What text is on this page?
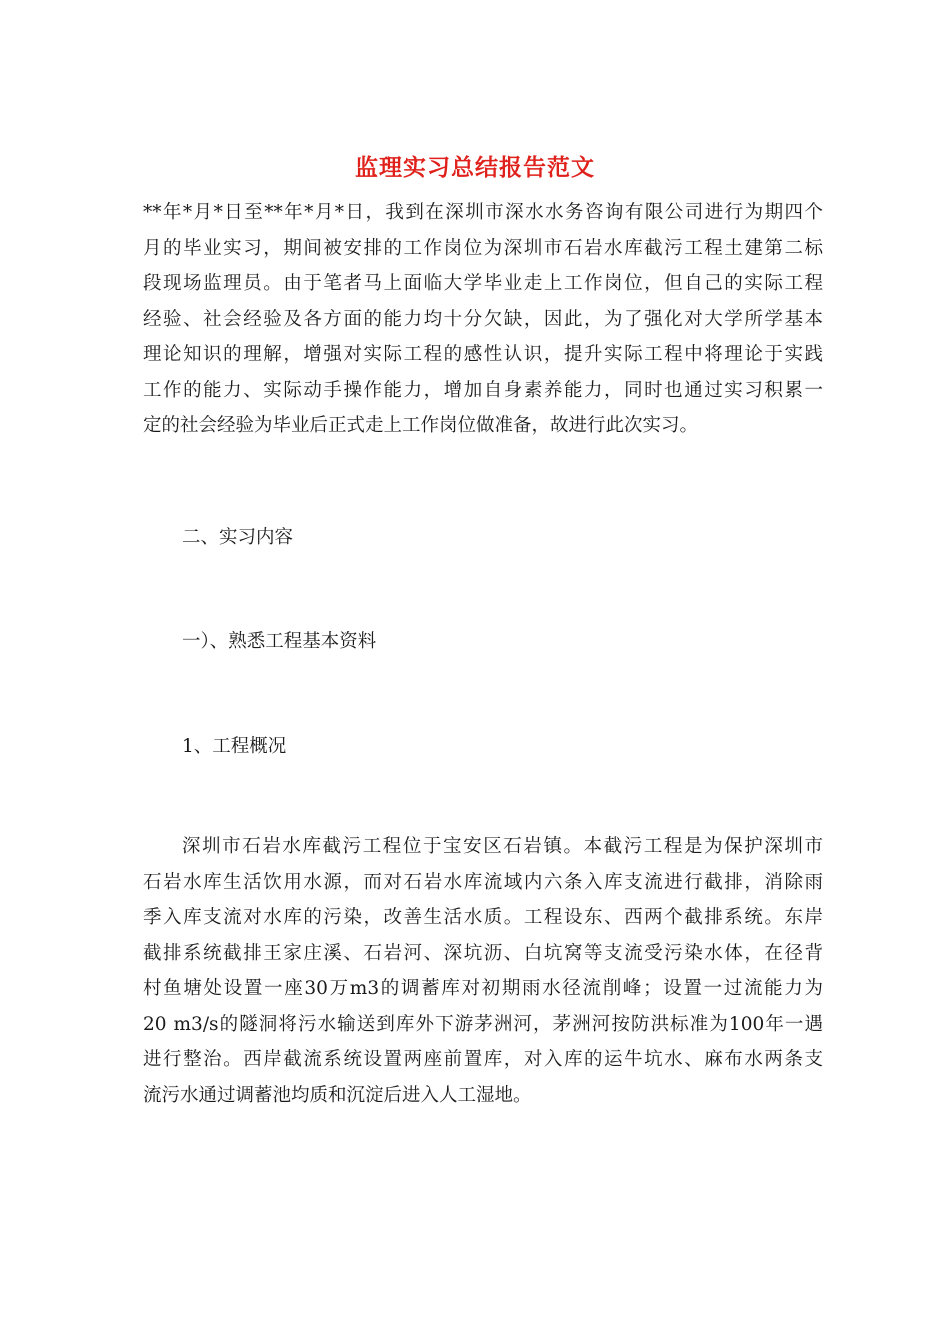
监理实习总结报告范文
**年*月*日至**年*月*日，我到在深圳市深水水务咨询有限公司进行为期四个
月的毕业实习，期间被安排的工作岗位为深圳市石岩水库截污工程土建第二标
段现场监理员。由于笔者马上面临大学毕业走上工作岗位，但自己的实际工程
经验、社会经验及各方面的能力均十分欠缺，因此，为了强化对大学所学基本
理论知识的理解，增强对实际工程的感性认识，提升实际工程中将理论于实践
工作的能力、实际动手操作能力，增加自身素养能力，同时也通过实习积累一
定的社会经验为毕业后正式走上工作岗位做准备，故进行此次实习。
二、实习内容
一）、熟悉工程基本资料
1、工程概况
深圳市石岩水库截污工程位于宝安区石岩镇。本截污工程是为保护深圳市
石岩水库生活饮用水源，而对石岩水库流域内六条入库支流进行截排，消除雨
季入库支流对水库的污染，改善生活水质。工程设东、西两个截排系统。东岸
截排系统截排王家庄溪、石岩河、深坑沥、白坑窝等支流受污染水体，在径背
村鱼塘处设置一座30万m3的调蓄库对初期雨水径流削峰；设置一过流能力为
20 m3/s的隧洞将污水输送到库外下游茅洲河，茅洲河按防洪标准为100年一遇
进行整治。西岸截流系统设置两座前置库，对入库的运牛坑水、麻布水两条支
流污水通过调蓄池均质和沉淀后进入人工湿地。
